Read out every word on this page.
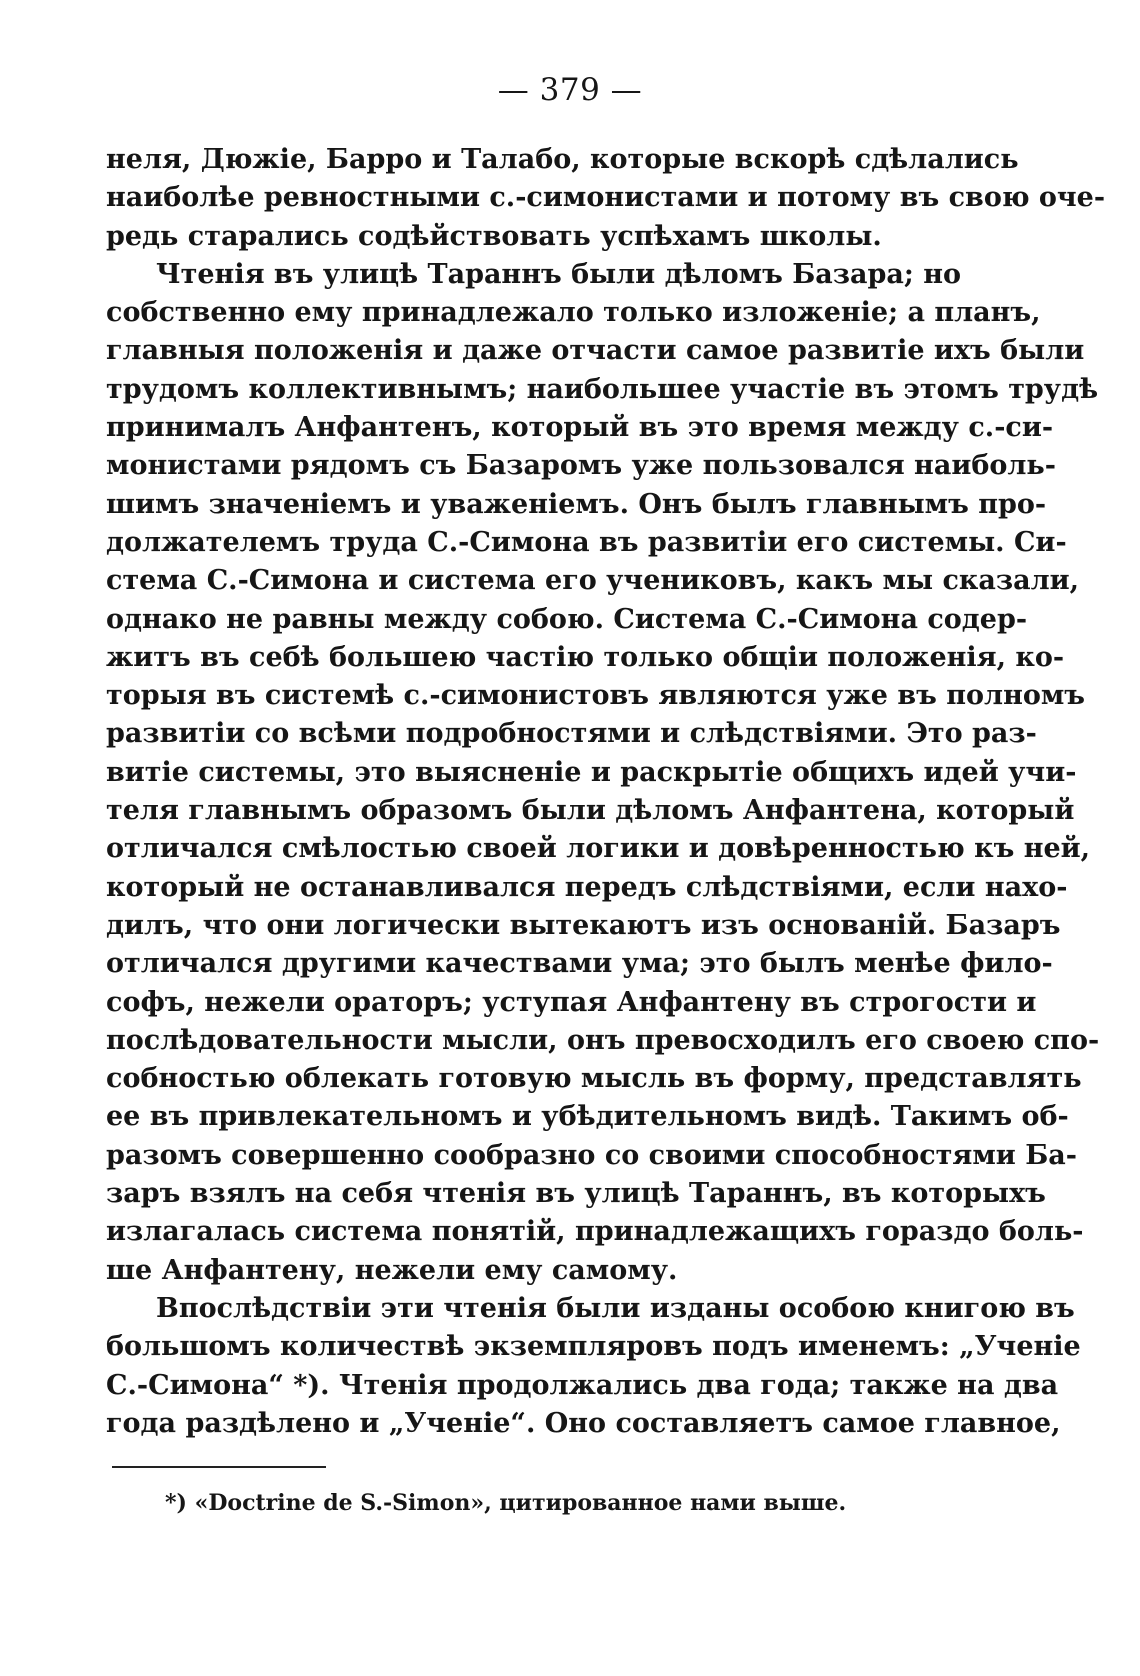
— 379 —
неля, Дюжіе, Барро и Талабо, которые вскорѣ сдѣлались
наиболѣе ревностными с.-симонистами и потому въ свою оче-
редь старались содѣйствовать успѣхамъ школы.
Чтенія въ улицѣ Тараннъ были дѣломъ Базара; но
собственно ему принадлежало только изложеніе; а планъ,
главныя положенія и даже отчасти самое развитіе ихъ были
трудомъ коллективнымъ; наибольшее участіе въ этомъ трудѣ
принималъ Анфантенъ, который въ это время между с.-си-
монистами рядомъ съ Базаромъ уже пользовался наиболь-
шимъ значеніемъ и уваженіемъ. Онъ былъ главнымъ про-
должателемъ труда С.-Симона въ развитіи его системы. Си-
стема С.-Симона и система его учениковъ, какъ мы сказали,
однако не равны между собою. Система С.-Симона содер-
житъ въ себѣ большею частію только общіи положенія, ко-
торыя въ системѣ с.-симонистовъ являются уже въ полномъ
развитіи со всѣми подробностями и слѣдствіями. Это раз-
витіе системы, это выясненіе и раскрытіе общихъ идей учи-
теля главнымъ образомъ были дѣломъ Анфантена, который
отличался смѣлостью своей логики и довѣренностью къ ней,
который не останавливался передъ слѣдствіями, если нахо-
дилъ, что они логически вытекаютъ изъ основаній. Базаръ
отличался другими качествами ума; это былъ менѣе фило-
софъ, нежели ораторъ; уступая Анфантену въ строгости и
послѣдовательности мысли, онъ превосходилъ его своею спо-
собностью облекать готовую мысль въ форму, представлять
ее въ привлекательномъ и убѣдительномъ видѣ. Такимъ об-
разомъ совершенно сообразно со своими способностями Ба-
заръ взялъ на себя чтенія въ улицѣ Тараннъ, въ которыхъ
излагалась система понятій, принадлежащихъ гораздо боль-
ше Анфантену, нежели ему самому.
Впослѣдствіи эти чтенія были изданы особою книгою въ
большомъ количествѣ экземпляровъ подъ именемъ: „Ученіе
С.-Симона“ *). Чтенія продолжались два года; также на два
года раздѣлено и „Ученіе“. Оно составляетъ самое главное,
*) «Doctrine de S.-Simon», цитированное нами выше.
